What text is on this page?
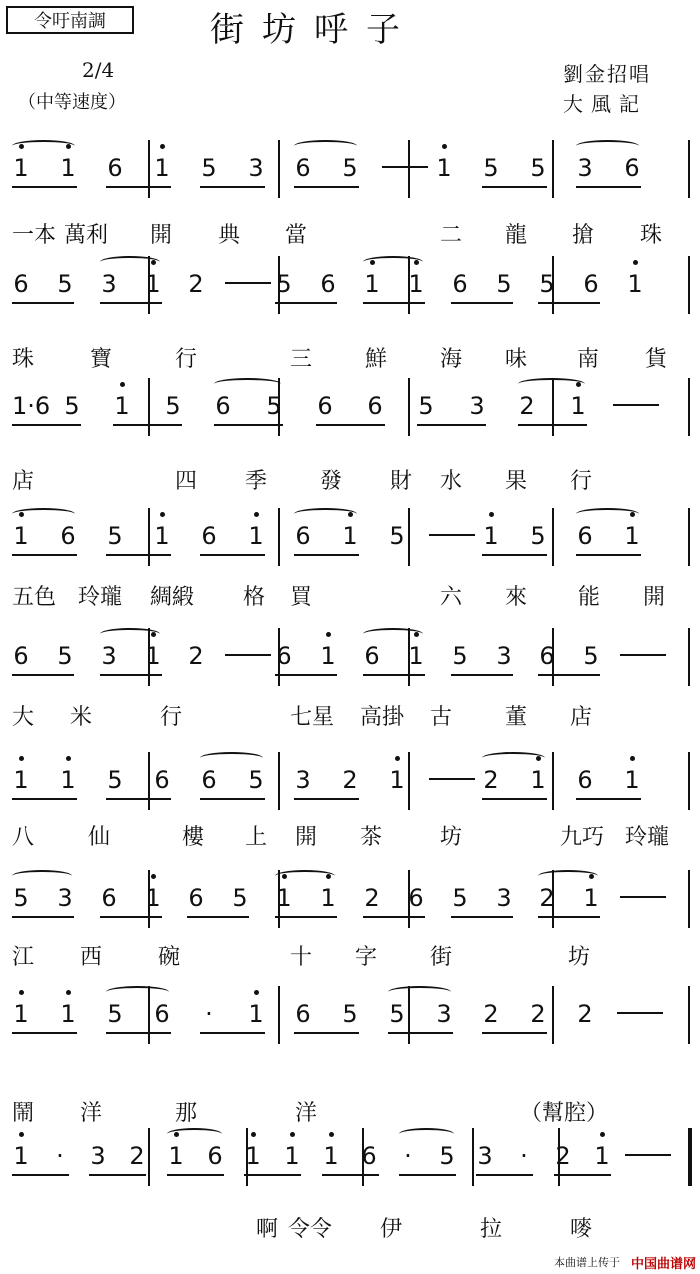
令吁南調	街坊呼子
2/4
（中等速度）
劉金招唱
大風記
1 1 6 1 5 3 6 5	1 5 5 3 6
一本 萬利 開 典 當	二 龍 搶 珠
6 5 3 1 2	5 6 1 1 6 5 5 6 1
珠	寶	行	三 鮮 海 味 南 貨
1·6 5 1 5 6 5 6 6 5 3 2 1
店	四 季 發 財 水 果 行
1 6 5 1 6 1 6 1 5	1 5 6 1
五色 玲瓏 綢緞 格 買	六 來 能 開
6 5 3 1 2	6 1 6 1 5 3 6 5
大 米	行	七星 高掛 古 董 店
1 1 5 6 6 5 3 2 1	2 1 6 1
八 仙	樓 上 開 茶	坊	九巧 玲瓏
5 3 6 1 6 5 1 1 2 6 5 3 2 1
江 西	碗	十 字 街	坊
1 1 5 6 · 1 6 5 5 3 2 2 2
鬧 洋	那	洋	（幫腔）
1 · 3 2 1 6 1 1 1 6 · 5 3 · 2 1
啊 令令 伊	拉	嘜
本曲谱上传于 中国曲谱网
